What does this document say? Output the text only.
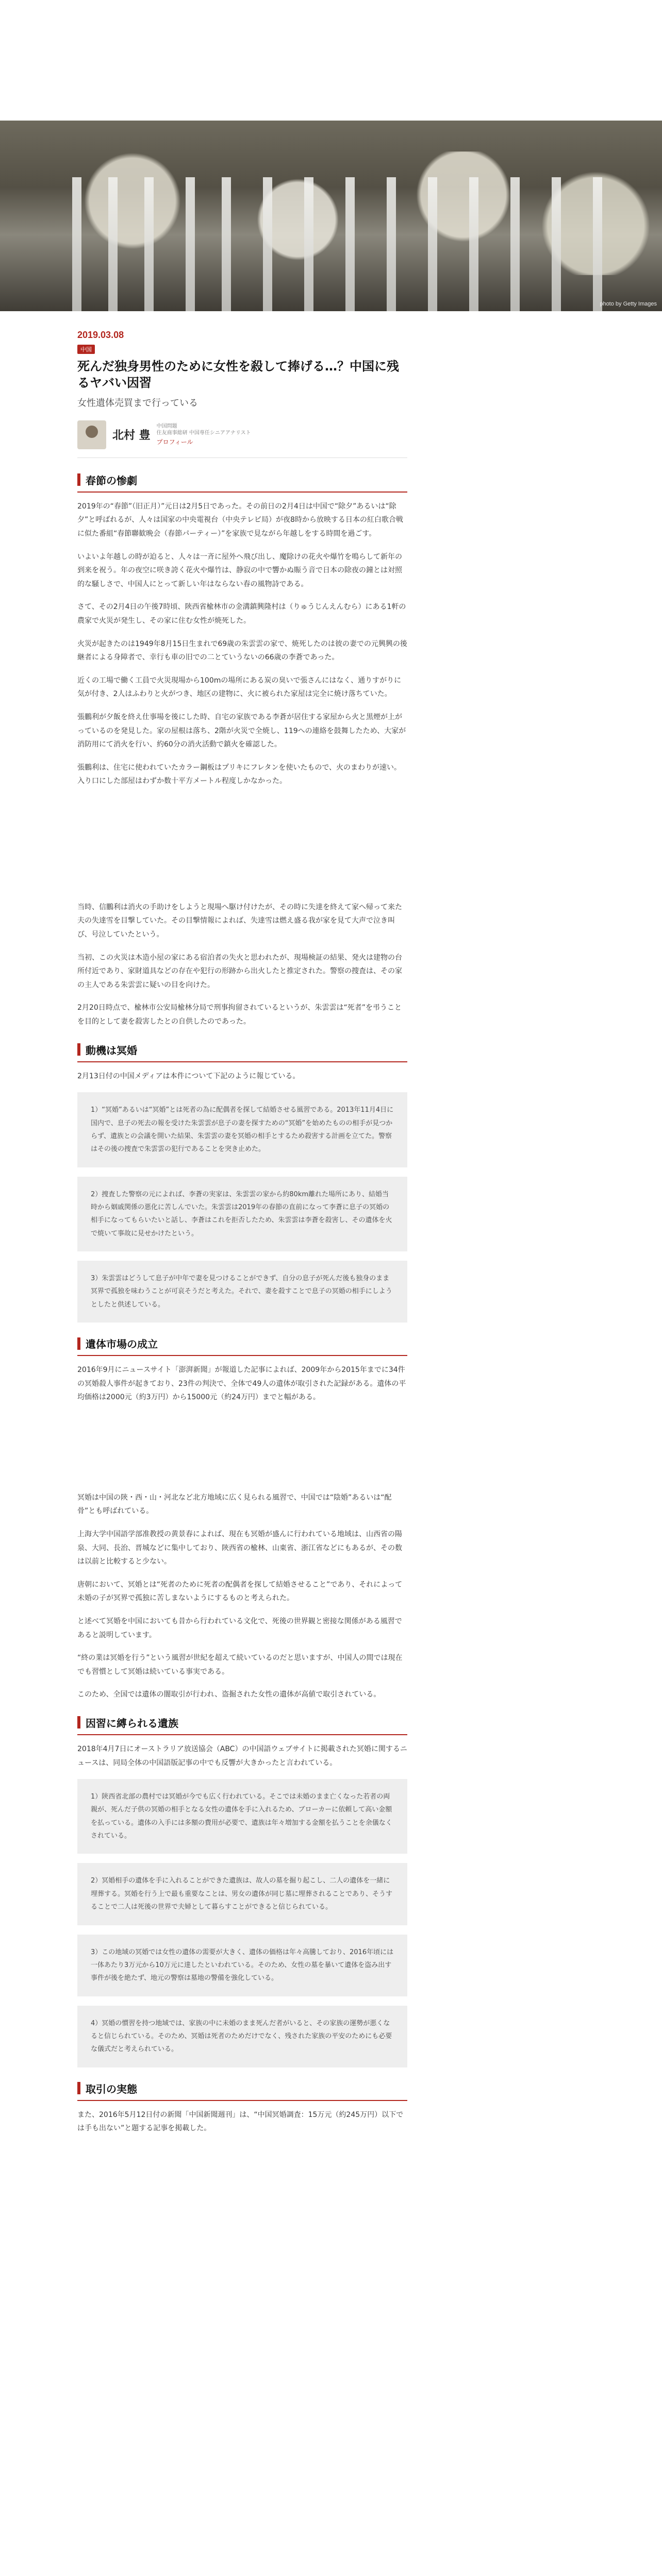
photo by Getty Images
2019.03.08
中国
死んだ独身男性のために女性を殺して捧げる…？中国に残るヤバい因習
女性遺体売買まで行っている
北村 豊
中国問題
住友商事総研 中国専任シニアアナリスト
プロフィール
春節の惨劇

2019年の“春節”（旧正月）”元日は2月5日であった。その前日の2月4日は中国で“除夕”あるいは“除夕”と呼ばれるが、人々は国家の中央電視台（中央テレビ局）が夜8時から放映する日本の紅白歌合戦に似た番組“春節聯歓晩会（春節パーティー）”を家族で見ながら年越しをする時間を過ごす。

いよいよ年越しの時が迫ると、人々は一斉に屋外へ飛び出し、魔除けの花火や爆竹を鳴らして新年の到来を祝う。年の夜空に咲き誇く花火や爆竹は、静寂の中で響かぬ賑う音で日本の除夜の鐘とは対照的な騒しさで、中国人にとって新しい年はならない春の風物詩である。

さて、その2月4日の午後7時頃、陝西省楡林市の金溝鎮興隆村は（りゅうじんえんむら）にある1軒の農家で火災が発生し、その家に住む女性が焼死した。

火災が起きたのは1949年8月15日生まれで69歳の朱雲雲の家で、焼死したのは彼の妻での元興興の後継者による身障者で、幸行も車の旧での二とていうないの66歳の李蒼であった。

近くの工場で働く工員で火災現場から100mの場所にある炭の臭いで張さんにはなく、通りすがりに気が付き、2人はふわりと火がつき、地区の建物に、火に被られた家屋は完全に焼け落ちていた。

張鵬利が夕飯を終え仕事場を後にした時、自宅の家族である李蒼が居住する家屋から火と黒煙が上がっているのを発見した。家の屋根は落ち、2階が火災で全焼し、119への連絡を鼓舞したため、大家が消防用にて消火を行い、約60分の消火活動で鎮火を確認した。

張鵬利は、住宅に使われていたカラー鋼板はプリキにフレタンを使いたもので、火のまわりが速い。入り口にした部屋はわずか数十平方メートル程度しかなかった。

当時、信鵬利は消火の手助けをしようと現場へ駆け付けたが、その時に失達を終えて家へ帰って来た夫の失達雪を目撃していた。その目撃情報によれば、失達雪は燃え盛る我が家を見て大声で泣き叫び、号泣していたという。

当初、この火災は木造小屋の家にある宿泊者の失火と思われたが、現場検証の結果、発火は建物の台所付近であり、家財道具などの存在や犯行の形跡から出火したと推定された。警察の捜査は、その家の主人である朱雲雲に疑いの目を向けた。

2月20日時点で、楡林市公安局楡林分局で刑事拘留されているというが、朱雲雲は“死者”を弔うことを目的として妻を殺害したとの自供したのであった。

動機は冥婚

2月13日付の中国メディアは本件について下記のように報じている。

1）“冥婚”あるいは“冥婚”とは死者の為に配偶者を探して結婚させる風習である。2013年11月4日に国内で、息子の死去の報を受けた朱雲雲が息子の妻を探すための“冥婚”を始めたものの相手が見つからず、遺族との会議を開いた結果、朱雲雲の妻を冥婚の相手とするため殺害する計画を立てた。警察はその後の捜査で朱雲雲の犯行であることを突き止めた。
2）捜査した警察の元によれば、李蒼の実家は、朱雲雲の家から約80km離れた場所にあり、結婚当時から姻戚関係の悪化に苦しんでいた。朱雲雲は2019年の春節の直前になって李蒼に息子の冥婚の相手になってもらいたいと話し、李蒼はこれを拒否したため、朱雲雲は李蒼を殺害し、その遺体を火で焼いて事故に見せかけたという。
3）朱雲雲はどうして息子が中年で妻を見つけることができず、自分の息子が死んだ後も独身のまま冥界で孤独を味わうことが可哀そうだと考えた。それで、妻を殺すことで息子の冥婚の相手にしようとしたと供述している。
遺体市場の成立

2016年9月にニュースサイト「澎湃新聞」が報道した記事によれば、2009年から2015年までに34件の冥婚殺人事件が起きており、23件の判決で、全体で49人の遺体が取引された記録がある。遺体の平均価格は2000元（約3万円）から15000元（約24万円）までと幅がある。

冥婚は中国の陝・西・山・河北など北方地域に広く見られる風習で、中国では“陰婚”あるいは“配骨”とも呼ばれている。

上海大学中国語学部准教授の黄景春によれば、現在も冥婚が盛んに行われている地域は、山西省の陽泉、大同、長治、晋城などに集中しており、陝西省の楡林、山東省、浙江省などにもあるが、その数は以前と比較すると少ない。

唐朝において、冥婚とは“死者のために死者の配偶者を探して結婚させること”であり、それによって未婚の子が冥界で孤独に苦しまないようにするものと考えられた。

と述べて冥婚を中国においても昔から行われている文化で、死後の世界観と密接な関係がある風習であると説明しています。

“終の業は冥婚を行う”という風習が世紀を超えて続いているのだと思いますが、中国人の間では現在でも習慣として冥婚は続いている事実である。

このため、全国では遺体の闇取引が行われ、盗掘された女性の遺体が高値で取引されている。

因習に縛られる遺族

2018年4月7日にオーストラリア放送協会（ABC）の中国語ウェブサイトに掲載された冥婚に関するニュースは、同局全体の中国語版記事の中でも反響が大きかったと言われている。

1）陝西省北部の農村では冥婚が今でも広く行われている。そこでは未婚のまま亡くなった若者の両親が、死んだ子供の冥婚の相手となる女性の遺体を手に入れるため、ブローカーに依頼して高い金額を払っている。遺体の入手には多額の費用が必要で、遺族は年々増加する金額を払うことを余儀なくされている。
2）冥婚相手の遺体を手に入れることができた遺族は、故人の墓を掘り起こし、二人の遺体を一緒に埋葬する。冥婚を行う上で最も重要なことは、男女の遺体が同じ墓に埋葬されることであり、そうすることで二人は死後の世界で夫婦として暮らすことができると信じられている。
3）この地域の冥婚では女性の遺体の需要が大きく、遺体の価格は年々高騰しており、2016年頃には一体あたり3万元から10万元に達したといわれている。そのため、女性の墓を暴いて遺体を盗み出す事件が後を絶たず、地元の警察は墓地の警備を強化している。
4）冥婚の慣習を持つ地域では、家族の中に未婚のまま死んだ者がいると、その家族の運勢が悪くなると信じられている。そのため、冥婚は死者のためだけでなく、残された家族の平安のためにも必要な儀式だと考えられている。
取引の実態

また、2016年5月12日付の新聞「中国新聞週刊」は、“中国冥婚調査：15万元（約245万円）以下では手も出ない”と題する記事を掲載した。
